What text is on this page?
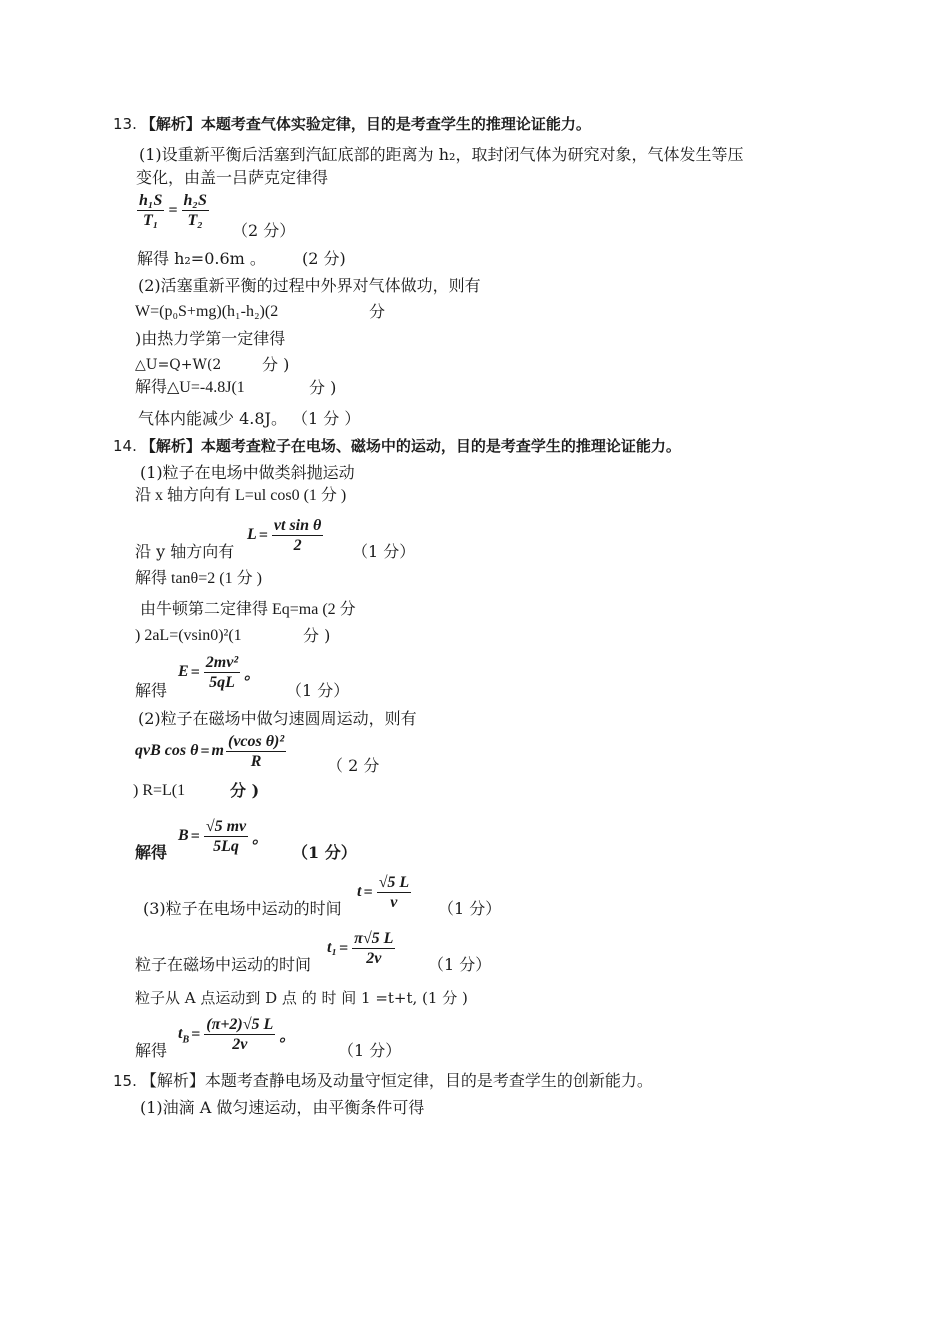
13. 【解析】本题考查气体实验定律，目的是考查学生的推理论证能力。
(1)设重新平衡后活塞到汽缸底部的距离为 h₂，取封闭气体为研究对象，气体发生等压
变化，由盖一吕萨克定律得
$\frac{\text{h₁S}}{\text{T₁}} = \frac{\text{h₂S}}{\text{T₂}}$
（2 分）
解得 h₂=0.6m 。 (2 分)
(2)活塞重新平衡的过程中外界对气体做功，则有
W=(p₀S+mg)(h₁-h₂)(2	分
)由热力学第一定律得
△U=Q+W(2	分 )
解得△U=-4.8J(1	分 )
气体内能减少 4.8J。 （1 分 ）
14. 【解析】本题考查粒子在电场、磁场中的运动，目的是考查学生的推理论证能力。
(1)粒子在电场中做类斜抛运动
沿 x 轴方向有 L=ul cos0 (1 分 )
沿 y 轴方向有
$L = \frac{\text{vt sin θ}}{2} (1$ 分）
解得 tanθ=2 (1 分 )
由牛顿第二定律得 Eq=ma (2 分
) 2aL=(vsin0)²(1	分 )
解得
$E = \frac{\text{2mv²}}{5qL}$ 。
（1 分）
(2)粒子在磁场中做匀速圆周运动，则有
qvB cos θ = m $\frac{\text{(vcos θ)²}}{R}$	（ 2 分
) R=L(1	分 )
解得
$B = \frac{√5 mv}{5Lq}$ 。
（1 分）
(3)粒子在电场中运动的时间
$t = \frac{√5 L}{v} (1$ 分）
粒子在磁场中运动的时间
$t_1 = \frac{\pi√5 L}{2v} (1$ 分）
粒子从 A 点运动到 D 点 的 时 间 1 =t+t, (1 分 )
解得
$t_B = \frac{(\pi+2)√5 L}{2v}$ 。
（1 分）
15. 【解析】本题考查静电场及动量守恒定律，目的是考查学生的创新能力。
(1)油滴 A 做匀速运动，由平衡条件可得
